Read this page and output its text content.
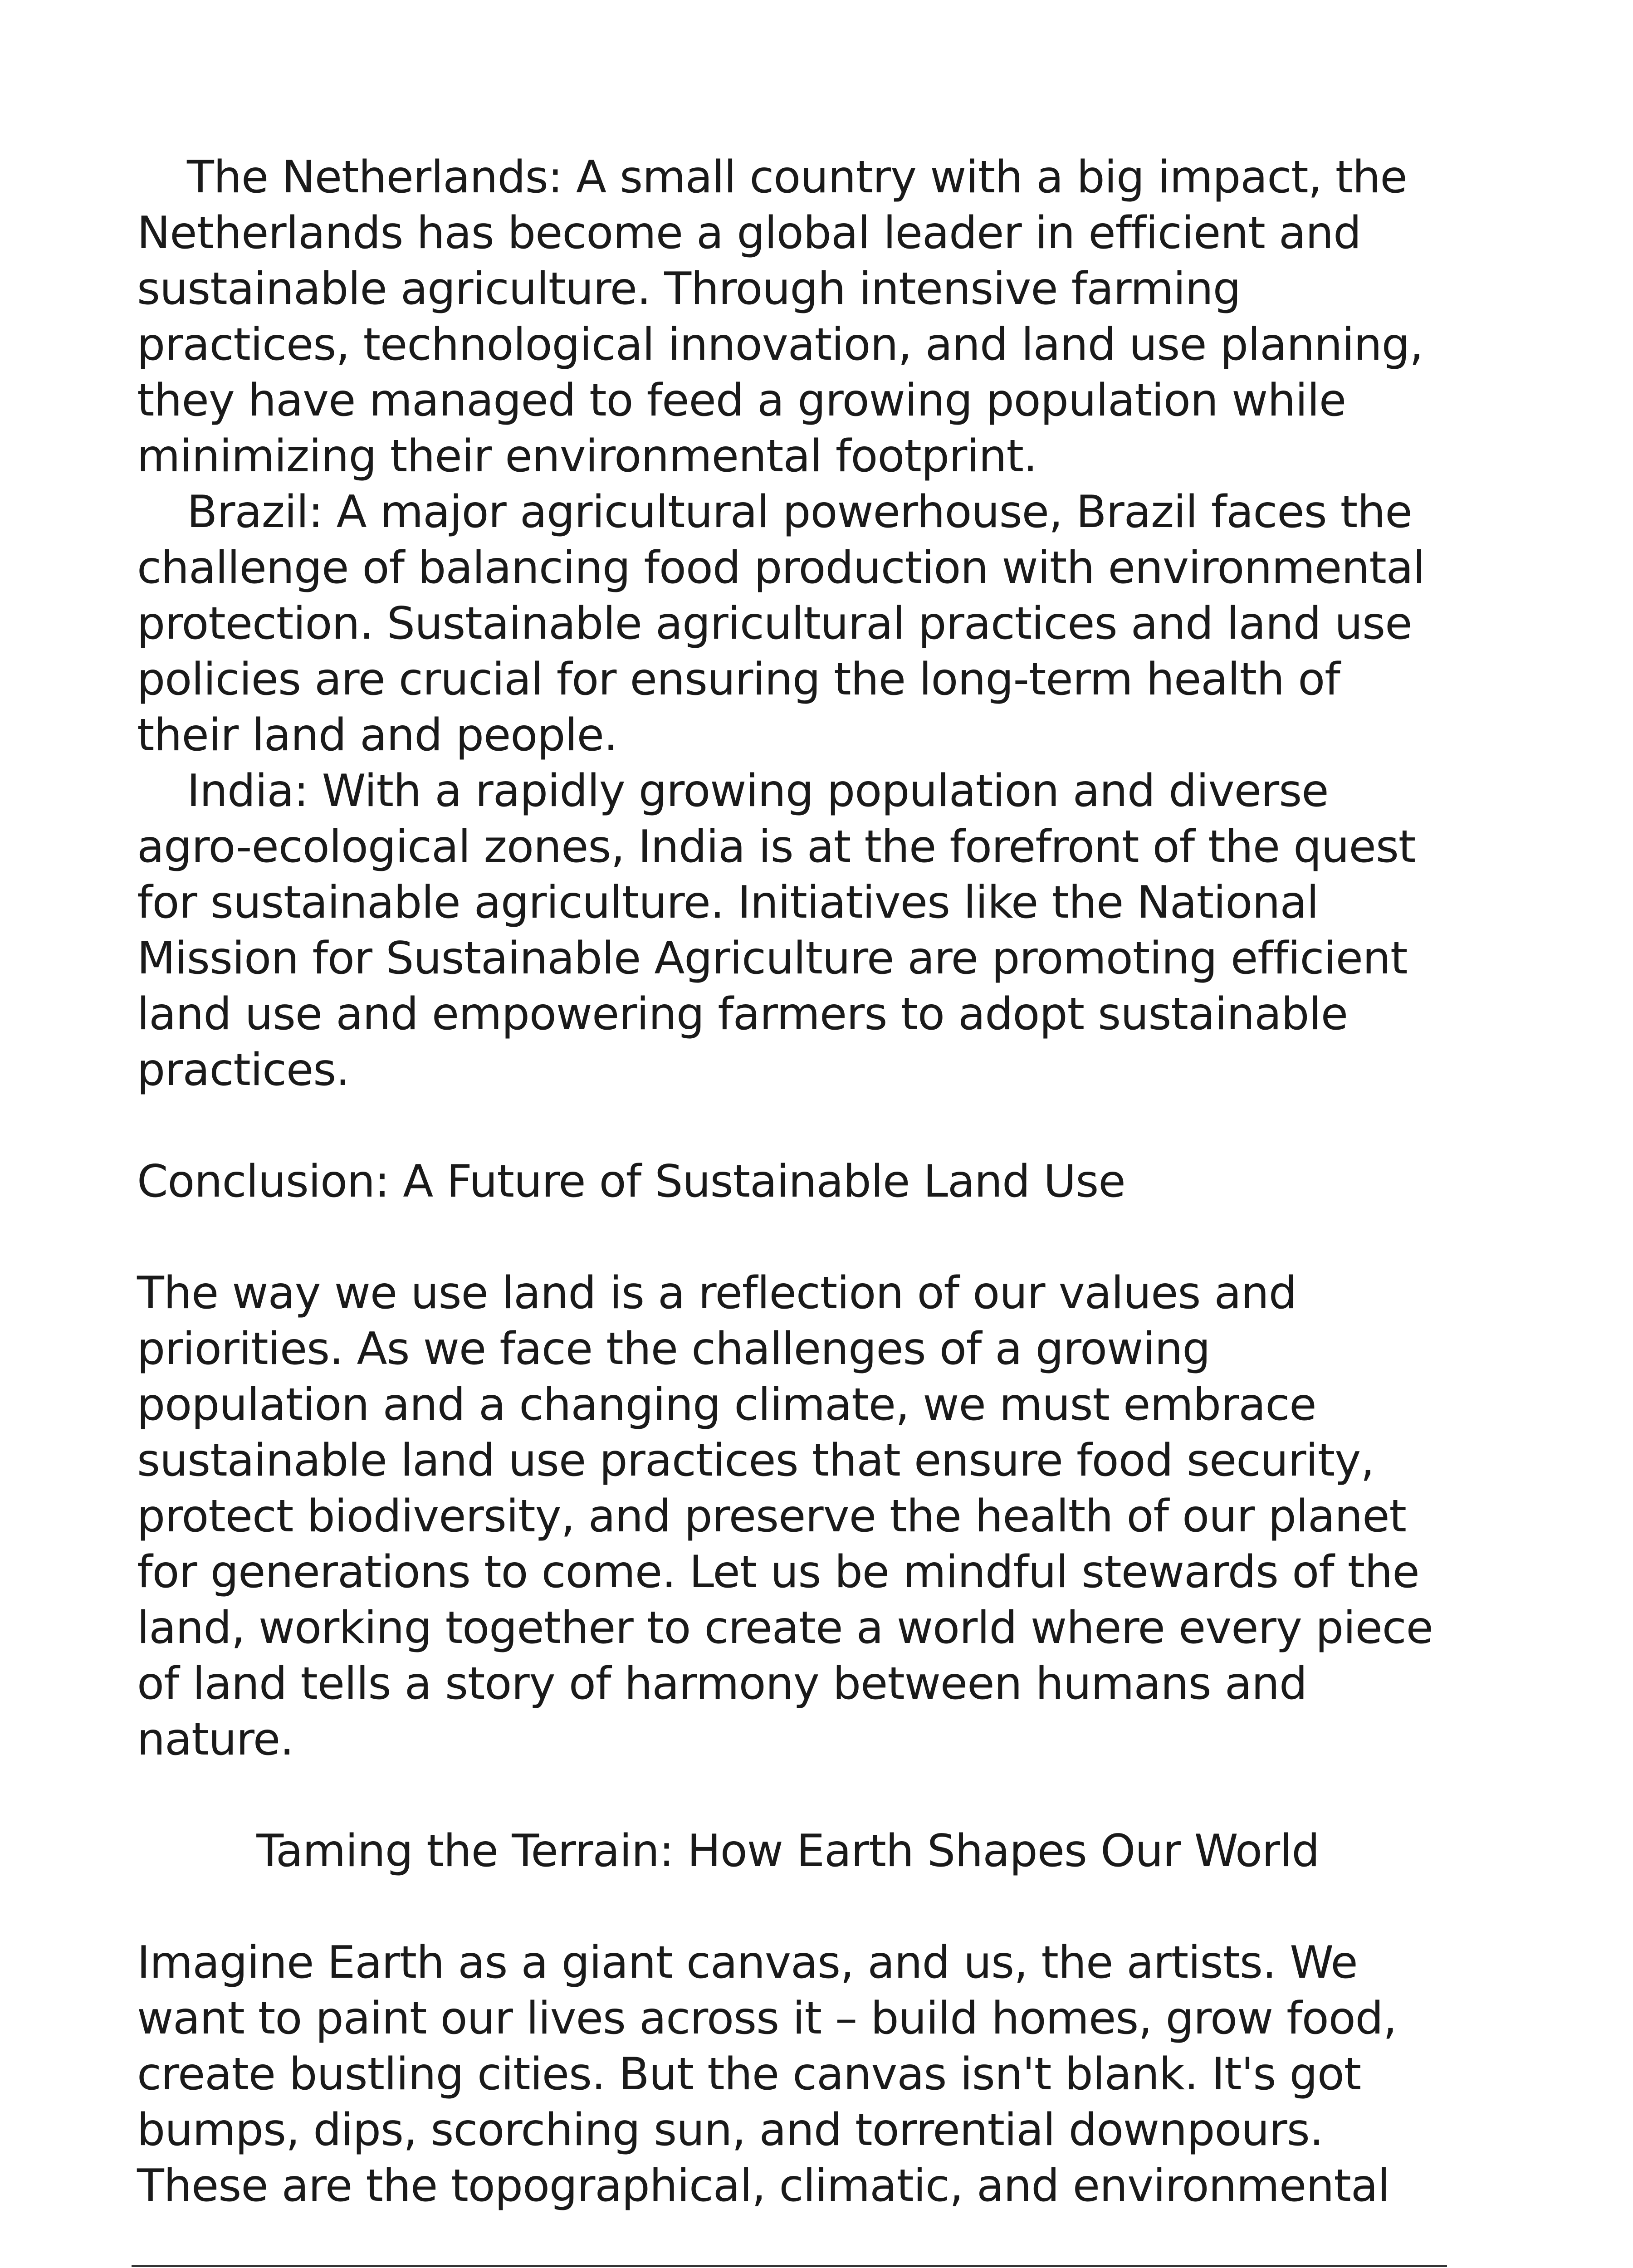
The Netherlands: A small country with a big impact, the Netherlands has become a global leader in efficient and sustainable agriculture. Through intensive farming practices, technological innovation, and land use planning, they have managed to feed a growing population while minimizing their environmental footprint.

Brazil: A major agricultural powerhouse, Brazil faces the challenge of balancing food production with environmental protection. Sustainable agricultural practices and land use policies are crucial for ensuring the long-term health of their land and people.

India: With a rapidly growing population and diverse agro-ecological zones, India is at the forefront of the quest for sustainable agriculture. Initiatives like the National Mission for Sustainable Agriculture are promoting efficient land use and empowering farmers to adopt sustainable practices.

Conclusion: A Future of Sustainable Land Use

The way we use land is a reflection of our values and priorities. As we face the challenges of a growing population and a changing climate, we must embrace sustainable land use practices that ensure food security, protect biodiversity, and preserve the health of our planet for generations to come. Let us be mindful stewards of the land, working together to create a world where every piece of land tells a story of harmony between humans and nature.

Taming the Terrain: How Earth Shapes Our World

Imagine Earth as a giant canvas, and us, the artists. We want to paint our lives across it – build homes, grow food, create bustling cities. But the canvas isn't blank. It's got bumps, dips, scorching sun, and torrential downpours. These are the topographical, climatic, and environmental
